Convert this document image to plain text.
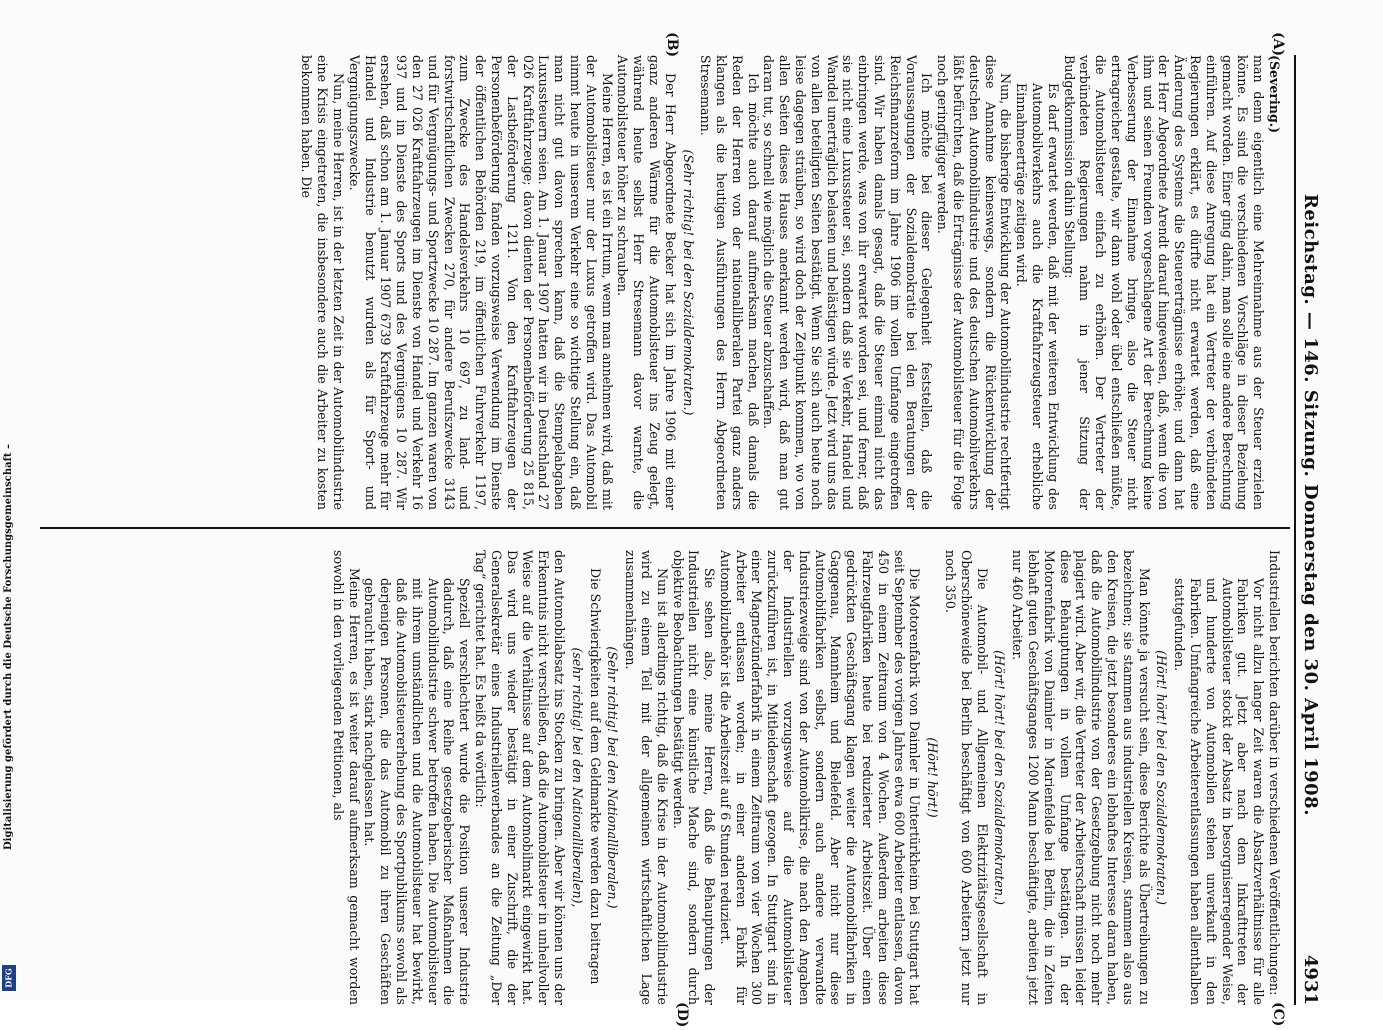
Digitalisierung gefördert durch die Deutsche Forschungsgemeinschaft –
DFG
Reichstag. — 146. Sitzung. Donnerstag den 30. April 1908.
4931
(A)
(B)
(C)
(D)

(Severing.)

man denn eigentlich eine Mehreinnahme aus der Steuer erzielen könne. Es sind die verschiedenen Vorschläge in dieser Beziehung gemacht worden. Einer ging dahin, man solle eine andere Berechnung einführen. Auf diese Anregung hat ein Vertreter der verbündeten Regierungen erklärt, es dürfte nicht erwartet werden, daß eine Änderung des Systems die Steuererträgnisse erhöhe; und dann hat der Herr Abgeordnete Arendt darauf hingewiesen, daß, wenn die von ihm und seinen Freunden vorgeschlagene Art der Berechnung keine Verbesserung der Einnahme bringe, also die Steuer nicht ertragreicher gestalte, wir dann wohl oder übel entschließen müßte, die Automobilsteuer einfach zu erhöhen. Der Vertreter der verbündeten Regierungen nahm in jener Sitzung der Budgetkommission dahin Stellung:

Es darf erwartet werden, daß mit der weiteren Entwicklung des Automobilverkehrs auch die Kraftfahrzeugsteuer erhebliche Einnahmeerträge zeitigen wird.

Nun, die bisherige Entwicklung der Automobilindustrie rechtfertigt diese Annahme keineswegs, sondern die Rückentwicklung der deutschen Automobilindustrie und des deutschen Automobilverkehrs läßt befürchten, daß die Erträgnisse der Automobilsteuer für die Folge noch geringfügiger werden.

Ich möchte bei dieser Gelegenheit feststellen, daß die Voraussagungen der Sozialdemokratie bei den Beratungen der Reichsfinanzreform im Jahre 1906 im vollen Umfange eingetroffen sind. Wir haben damals gesagt, daß die Steuer einmal nicht das einbringen werde, was von ihr erwartet worden sei, und ferner, daß sie nicht eine Luxussteuer sei, sondern daß sie Verkehr, Handel und Wandel unerträglich belasten und belästigen würde. Jetzt wird uns das von allen beteiligten Seiten bestätigt. Wenn Sie sich auch heute noch leise dagegen sträuben, so wird doch der Zeitpunkt kommen, wo von allen Seiten dieses Hauses anerkannt werden wird, daß man gut daran tut, so schnell wie möglich die Steuer abzuschaffen.

Ich möchte auch darauf aufmerksam machen, daß damals die Reden der Herren von der nationalliberalen Partei ganz anders klangen als die heutigen Ausführungen des Herrn Abgeordneten Stresemann.

(Sehr richtig! bei den Sozialdemokraten.)

Der Herr Abgeordnete Becker hat sich im Jahre 1906 mit einer ganz anderen Wärme für die Automobilsteuer ins Zeug gelegt, während heute selbst Herr Stresemann davor warnte, die Automobilsteuer höher zu schrauben.

Meine Herren, es ist ein Irrtum, wenn man annehmen wird, daß mit der Automobilsteuer nur der Luxus getroffen wird. Das Automobil nimmt heute in unserem Verkehr eine so wichtige Stellung ein, daß man nicht gut davon sprechen kann, daß die Stempelabgaben Luxussteuern seien. Am 1. Januar 1907 hatten wir in Deutschland 27 026 Kraftfahrzeuge; davon dienten der Personenbeförderung 25 815, der Lastbeförderung 1211. Von den Kraftfahrzeugen der Personenbeförderung fanden vorzugsweise Verwendung im Dienste der öffentlichen Behörden 219, im öffentlichen Fuhrverkehr 1197, zum Zwecke des Handelsverkehrs 10 697, zu land- und forstwirtschaftlichen Zwecken 270, für andere Berufszwecke 3143 und für Vergnügungs- und Sportzwecke 10 287. Im ganzen waren von den 27 026 Kraftfahrzeugen im Dienste von Handel und Verkehr 16 937 und im Dienste des Sports und des Vergnügens 10 287. Wir ersehen, daß schon am 1. Januar 1907 6739 Kraftfahrzeuge mehr für Handel und Industrie benutzt wurden als für Sport- und Vergnügungszwecke.

Nun, meine Herren, ist in der letzten Zeit in der Automobilindustrie eine Krisis eingetreten, die insbesondere auch die Arbeiter zu kosten bekommen haben. Die

Industriellen berichten darüber in verschiedenen Veröffentlichungen:

Vor nicht allzu langer Zeit waren die Absatzverhältnisse für alle Fabriken gut. Jetzt aber nach dem Inkrafttreten der Automobilsteuer stockt der Absatz in besorgniserregender Weise, und hunderte von Automobilen stehen unverkauft in den Fabriken. Umfangreiche Arbeiterentlassungen haben allenthalben stattgefunden.

(Hört! hört! bei den Sozialdemokraten.)

Man könnte ja versucht sein, diese Berichte als Übertreibungen zu bezeichnen; sie stammen aus industriellen Kreisen, stammen also aus den Kreisen, die jetzt besonderes ein lebhaftes Interesse daran haben, daß die Automobilindustrie von der Gesetzgebung nicht noch mehr plagiert wird. Aber wir, die Vertreter der Arbeiterschaft müssen leider diese Behauptungen in vollem Umfange bestätigen. In der Motorenfabrik von Daimler in Marienfelde bei Berlin, die in Zeiten lebhaft guten Geschäftsganges 1200 Mann beschäftigte, arbeiten jetzt nur 460 Arbeiter.

(Hört! hört! bei den Sozialdemokraten.)

Die Automobil- und Allgemeinen Elektrizitätsgesellschaft in Oberschöneweide bei Berlin beschäftigt von 600 Arbeitern jetzt nur noch 350.

(Hört! hört!)

Die Motorenfabrik von Daimler in Untertürkheim bei Stuttgart hat seit September des vorigen Jahres etwa 600 Arbeiter entlassen, davon 450 in einem Zeitraum von 4 Wochen. Außerdem arbeiten diese Fahrzeugfabriken heute bei reduzierter Arbeitszeit. Über einen gedrückten Geschäftsgang klagen weiter die Automobilfabriken in Gaggenau, Mannheim und Bielefeld. Aber nicht nur diese Automobilfabriken selbst, sondern auch andere verwandte Industriezweige sind von der Automobilkrise, die nach den Angaben der Industriellen vorzugsweise auf die Automobilsteuer zurückzuführen ist, in Mitleidenschaft gezogen. In Stuttgart sind in einer Magnetzünderfabrik in einem Zeitraum von vier Wochen 300 Arbeiter entlassen worden; in einer anderen Fabrik für Automobilzubehör ist die Arbeitszeit auf 6 Stunden reduziert.

Sie sehen also, meine Herren, daß die Behauptungen der Industriellen nicht eine künstliche Mache sind, sondern durch objektive Beobachtungen bestätigt werden.

Nun ist allerdings richtig, daß die Krise in der Automobilindustrie wird zu einem Teil mit der allgemeinen wirtschaftlichen Lage zusammenhängen.

(Sehr richtig! bei den Nationalliberalen.)

Die Schwierigkeiten auf dem Geldmarkte werden dazu beitragen

(sehr richtig! bei den Nationalliberalen),

den Automobilabsatz ins Stocken zu bringen. Aber wir können uns der Erkenntnis nicht verschließen, daß die Automobilsteuer in unheilvoller Weise auf die Verhältnisse auf dem Automobilmarkt eingewirkt hat. Das wird uns wieder bestätigt in einer Zuschrift, die der Generalsekretär eines Industriellenverbandes an die Zeitung „Der Tag“ gerichtet hat. Es heißt da wörtlich:

Speziell verschlechtert wurde die Position unserer Industrie dadurch, daß eine Reihe gesetzgeberischer Maßnahmen die Automobilindustrie schwer betroffen haben. Die Automobilsteuer mit ihrem umständlichen und die Automobilsteuer hat bewirkt, daß die Automobilsteuererhebung des Sportpublikums sowohl als derjenigen Personen, die das Automobil zu ihren Geschäften gebraucht haben, stark nachgelassen hat.

Meine Herren, es ist weiter darauf aufmerksam gemacht worden sowohl in den vorliegenden Petitionen, als
